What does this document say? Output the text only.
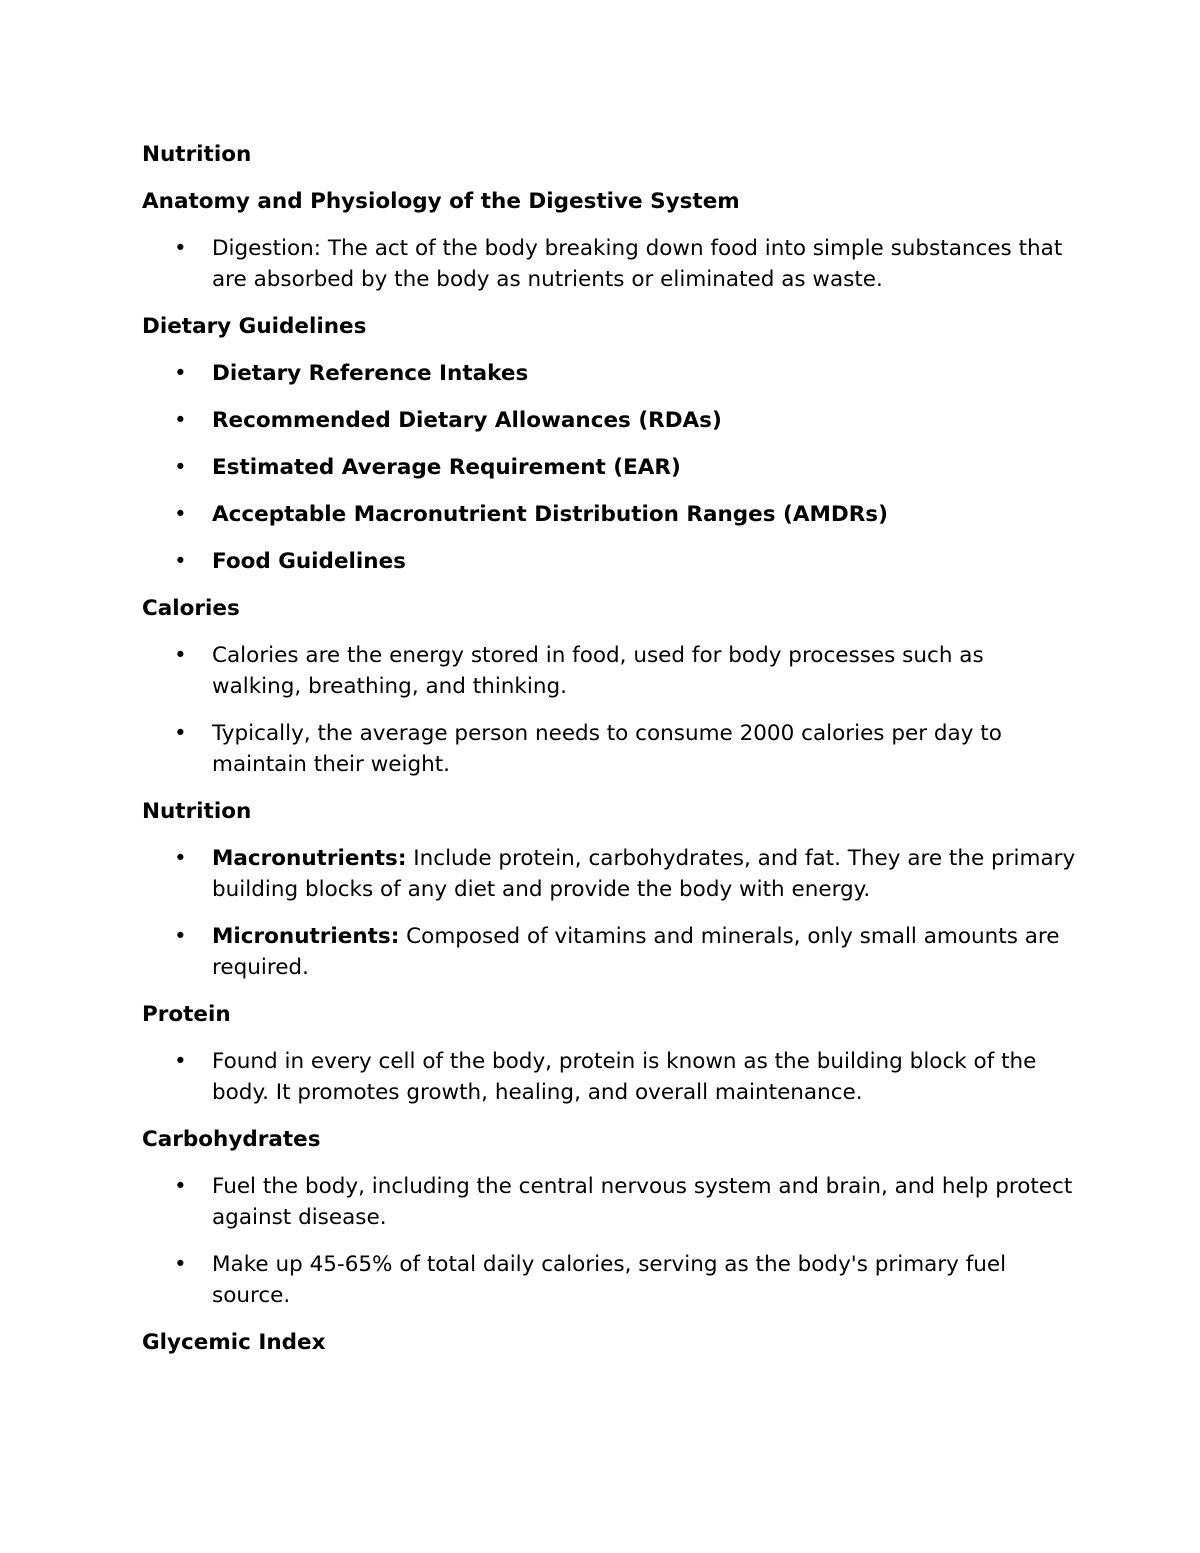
Nutrition
Anatomy and Physiology of the Digestive System
• Digestion: The act of the body breaking down food into simple substances that are absorbed by the body as nutrients or eliminated as waste.
Dietary Guidelines
• Dietary Reference Intakes
• Recommended Dietary Allowances (RDAs)
• Estimated Average Requirement (EAR)
• Acceptable Macronutrient Distribution Ranges (AMDRs)
• Food Guidelines
Calories
• Calories are the energy stored in food, used for body processes such as walking, breathing, and thinking.
• Typically, the average person needs to consume 2000 calories per day to maintain their weight.
Nutrition
• Macronutrients: Include protein, carbohydrates, and fat. They are the primary building blocks of any diet and provide the body with energy.
• Micronutrients: Composed of vitamins and minerals, only small amounts are required.
Protein
• Found in every cell of the body, protein is known as the building block of the body. It promotes growth, healing, and overall maintenance.
Carbohydrates
• Fuel the body, including the central nervous system and brain, and help protect against disease.
• Make up 45-65% of total daily calories, serving as the body's primary fuel source.
Glycemic Index
